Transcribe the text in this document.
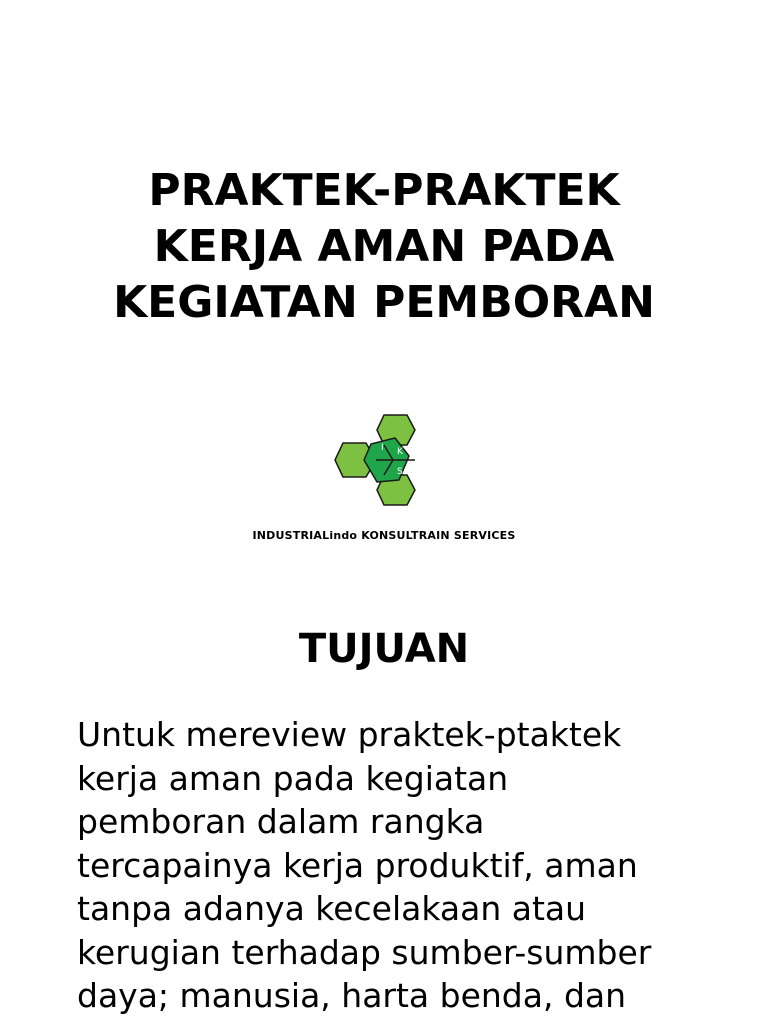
PRAKTEK-PRAKTEK
KERJA AMAN PADA
KEGIATAN PEMBORAN
I K
S
INDUSTRIALindo KONSULTRAIN SERVICES
TUJUAN

Untuk mereview praktek-ptaktek
kerja aman pada kegiatan
pemboran dalam rangka
tercapainya kerja produktif, aman
tanpa adanya kecelakaan atau
kerugian terhadap sumber-sumber
daya; manusia, harta benda, dan
